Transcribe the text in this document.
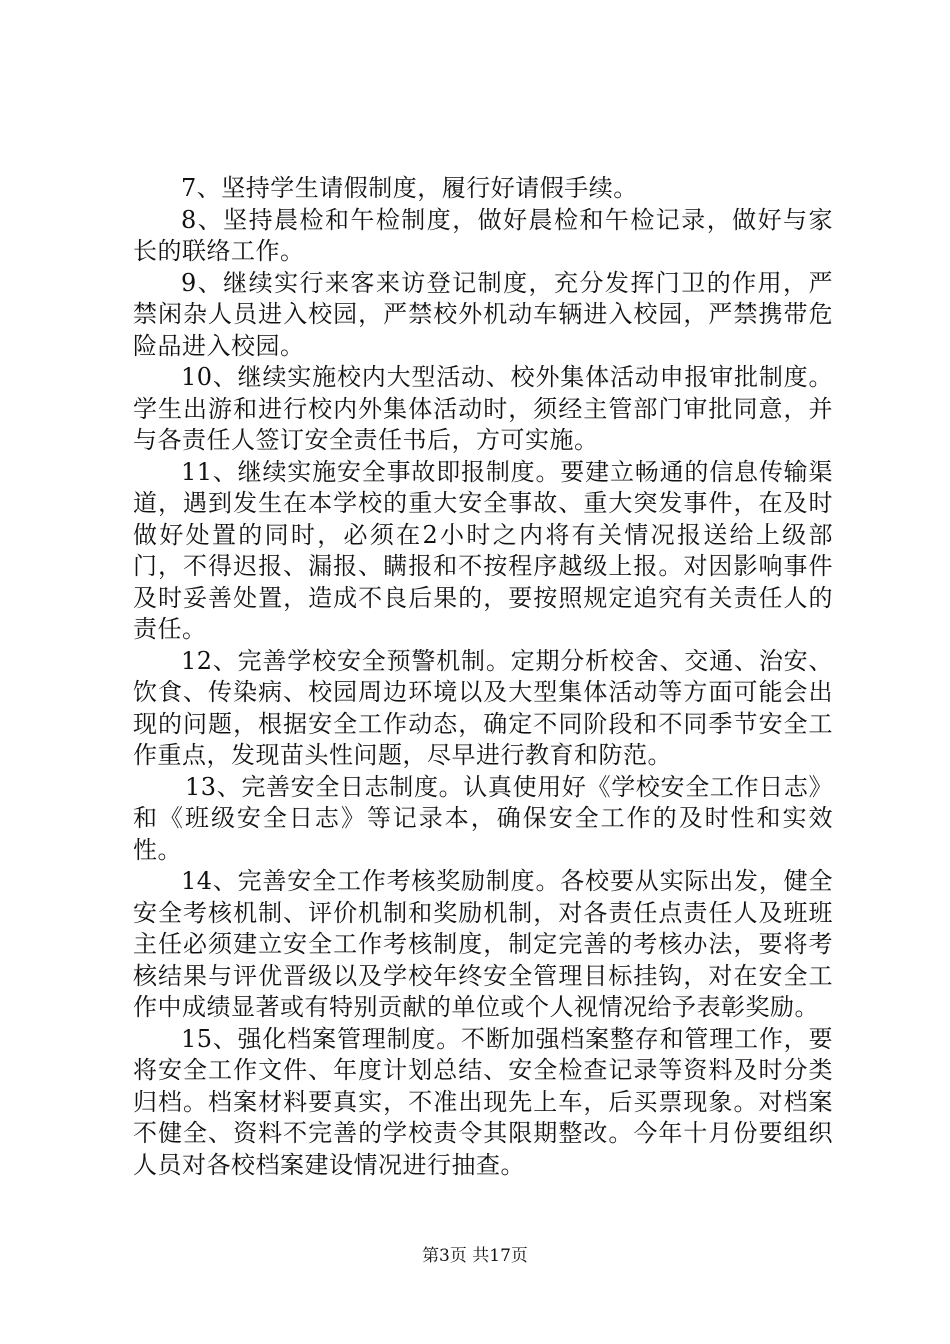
7、坚持学生请假制度，履行好请假手续。

8、坚持晨检和午检制度，做好晨检和午检记录，做好与家长的联络工作。

9、继续实行来客来访登记制度，充分发挥门卫的作用，严禁闲杂人员进入校园，严禁校外机动车辆进入校园，严禁携带危险品进入校园。

10、继续实施校内大型活动、校外集体活动申报审批制度。学生出游和进行校内外集体活动时，须经主管部门审批同意，并与各责任人签订安全责任书后，方可实施。

11、继续实施安全事故即报制度。要建立畅通的信息传输渠道，遇到发生在本学校的重大安全事故、重大突发事件，在及时做好处置的同时，必须在2小时之内将有关情况报送给上级部门，不得迟报、漏报、瞒报和不按程序越级上报。对因影响事件及时妥善处置，造成不良后果的，要按照规定追究有关责任人的责任。

12、完善学校安全预警机制。定期分析校舍、交通、治安、饮食、传染病、校园周边环境以及大型集体活动等方面可能会出现的问题，根据安全工作动态，确定不同阶段和不同季节安全工作重点，发现苗头性问题，尽早进行教育和防范。

13、完善安全日志制度。认真使用好《学校安全工作日志》和《班级安全日志》等记录本，确保安全工作的及时性和实效性。

14、完善安全工作考核奖励制度。各校要从实际出发，健全安全考核机制、评价机制和奖励机制，对各责任点责任人及班班主任必须建立安全工作考核制度，制定完善的考核办法，要将考核结果与评优晋级以及学校年终安全管理目标挂钩，对在安全工作中成绩显著或有特别贡献的单位或个人视情况给予表彰奖励。

15、强化档案管理制度。不断加强档案整存和管理工作，要将安全工作文件、年度计划总结、安全检查记录等资料及时分类归档。档案材料要真实，不准出现先上车，后买票现象。对档案不健全、资料不完善的学校责令其限期整改。今年十月份要组织人员对各校档案建设情况进行抽查。

第3页 共17页
